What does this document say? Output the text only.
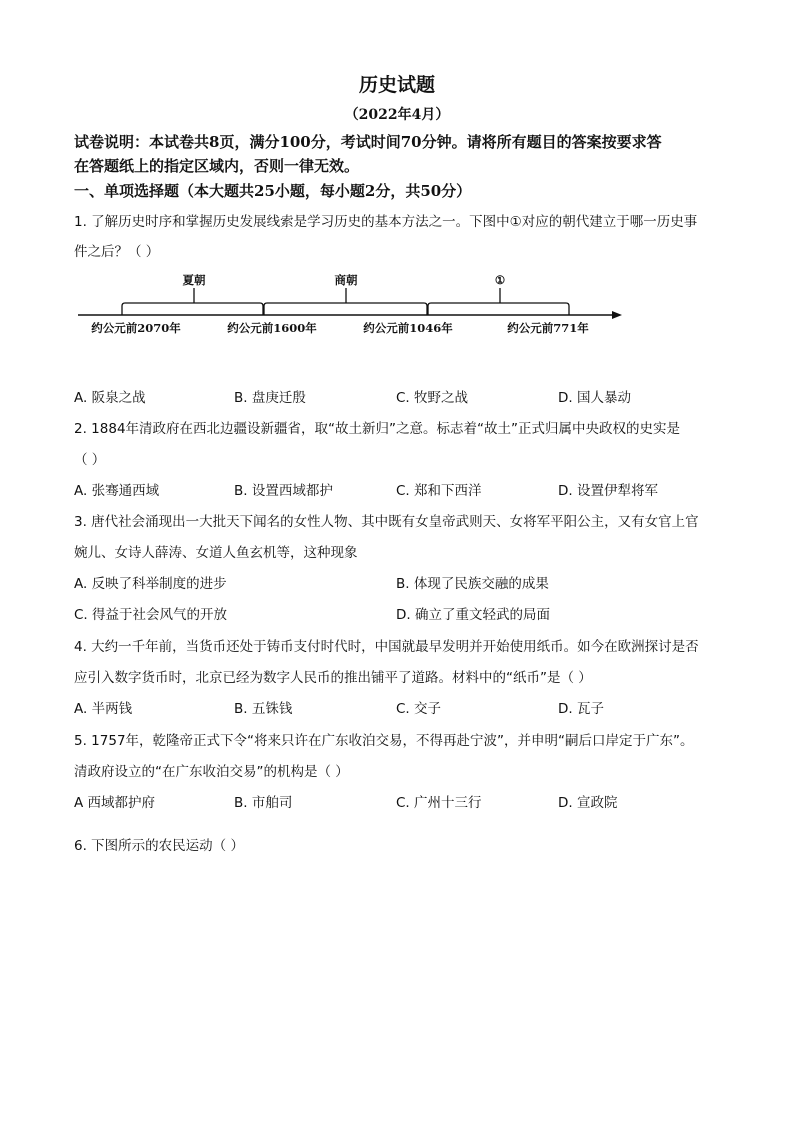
历史试题
（2022年4月）
试卷说明：本试卷共8页，满分100分，考试时间70分钟。请将所有题目的答案按要求答
在答题纸上的指定区域内，否则一律无效。
一、单项选择题（本大题共25小题，每小题2分，共50分）
1. 了解历史时序和掌握历史发展线索是学习历史的基本方法之一。下图中①对应的朝代建立于哪一历史事
件之后？（ ）
夏朝	商朝	①
约公元前2070年	约公元前1600年	约公元前1046年	约公元前771年
A. 阪泉之战	B. 盘庚迁殷	C. 牧野之战	D. 国人暴动
2. 1884年清政府在西北边疆设新疆省，取“故土新归”之意。标志着“故土”正式归属中央政权的史实是
（ ）
A. 张骞通西域	B. 设置西域都护	C. 郑和下西洋	D. 设置伊犁将军
3. 唐代社会涌现出一大批天下闻名的女性人物、其中既有女皇帝武则天、女将军平阳公主，又有女官上官
婉儿、女诗人薛涛、女道人鱼玄机等，这种现象
A. 反映了科举制度的进步	B. 体现了民族交融的成果
C. 得益于社会风气的开放	D. 确立了重文轻武的局面
4. 大约一千年前，当货币还处于铸币支付时代时，中国就最早发明并开始使用纸币。如今在欧洲探讨是否
应引入数字货币时，北京已经为数字人民币的推出铺平了道路。材料中的“纸币”是（ ）
A. 半两钱	B. 五铢钱	C. 交子	D. 瓦子
5. 1757年，乾隆帝正式下令“将来只许在广东收泊交易，不得再赴宁波”，并申明“嗣后口岸定于广东”。
清政府设立的“在广东收泊交易”的机构是（ ）
A 西域都护府	B. 市舶司	C. 广州十三行	D. 宣政院
6. 下图所示的农民运动（ ）
